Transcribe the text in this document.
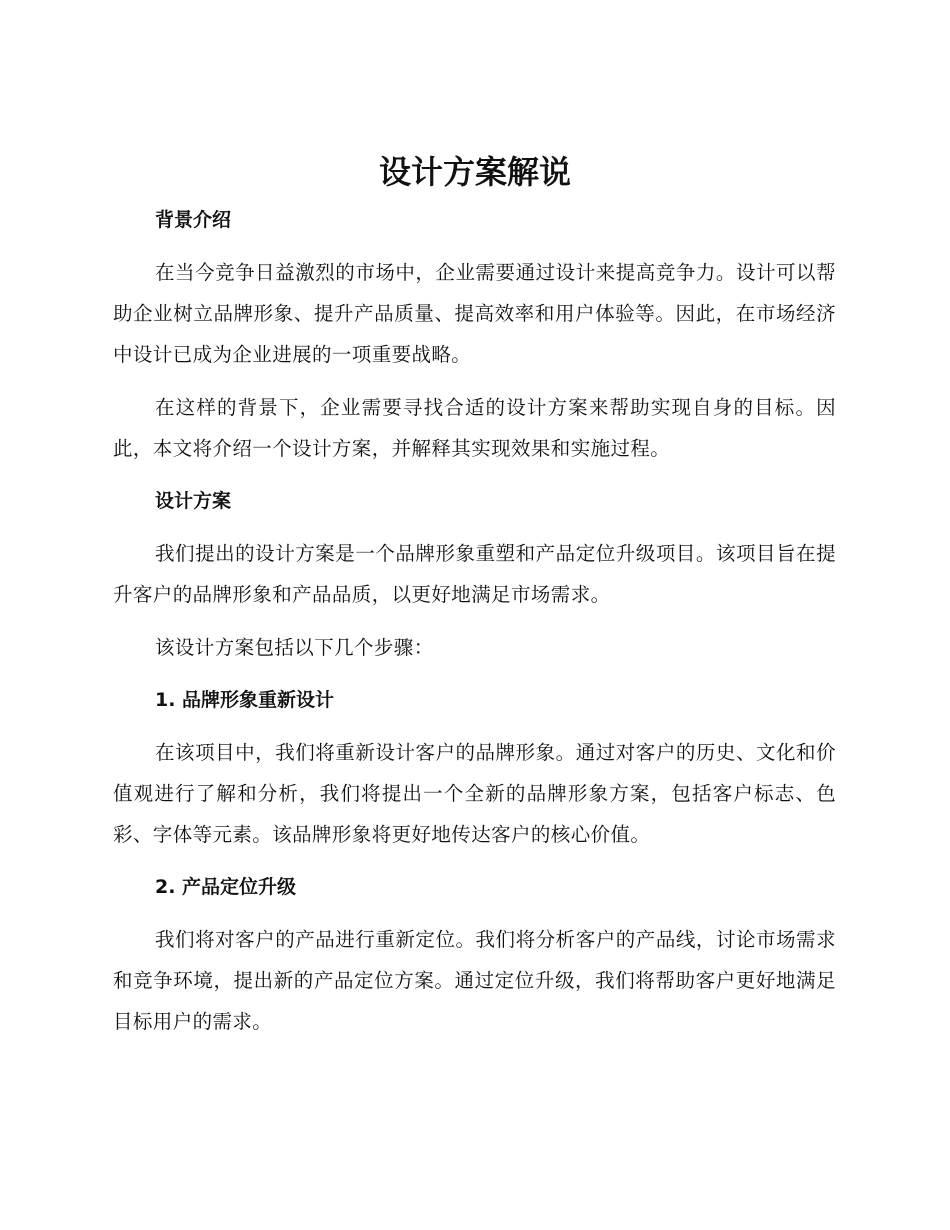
设计方案解说
背景介绍

在当今竞争日益激烈的市场中，企业需要通过设计来提高竞争力。设计可以帮助企业树立品牌形象、提升产品质量、提高效率和用户体验等。因此，在市场经济中设计已成为企业进展的一项重要战略。

在这样的背景下，企业需要寻找合适的设计方案来帮助实现自身的目标。因此，本文将介绍一个设计方案，并解释其实现效果和实施过程。

设计方案

我们提出的设计方案是一个品牌形象重塑和产品定位升级项目。该项目旨在提升客户的品牌形象和产品品质，以更好地满足市场需求。

该设计方案包括以下几个步骤：

1. 品牌形象重新设计

在该项目中，我们将重新设计客户的品牌形象。通过对客户的历史、文化和价值观进行了解和分析，我们将提出一个全新的品牌形象方案，包括客户标志、色彩、字体等元素。该品牌形象将更好地传达客户的核心价值。

2. 产品定位升级

我们将对客户的产品进行重新定位。我们将分析客户的产品线，讨论市场需求和竞争环境，提出新的产品定位方案。通过定位升级，我们将帮助客户更好地满足目标用户的需求。
